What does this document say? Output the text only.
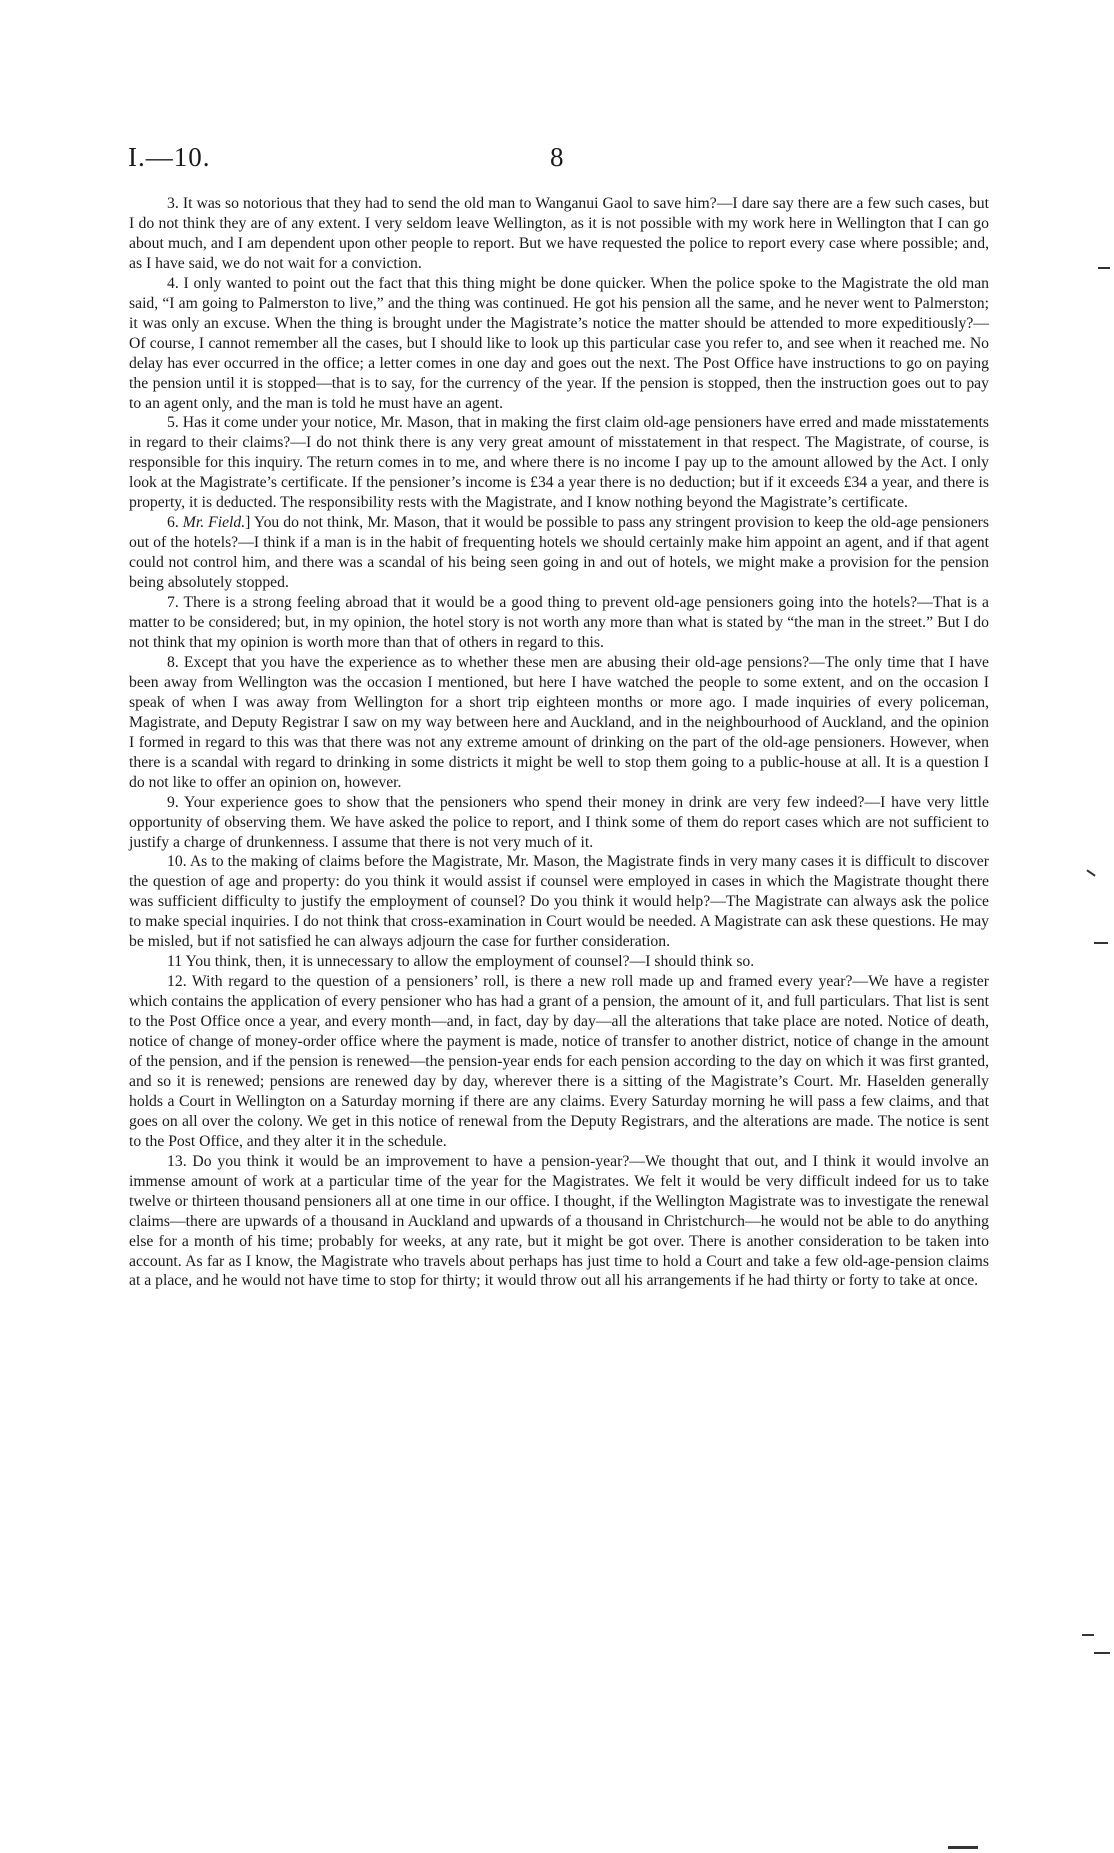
I.—10.	8

3. It was so notorious that they had to send the old man to Wanganui Gaol to save him?—I dare say there are a few such cases, but I do not think they are of any extent. I very seldom leave Wellington, as it is not possible with my work here in Wellington that I can go about much, and I am dependent upon other people to report. But we have requested the police to report every case where possible; and, as I have said, we do not wait for a conviction.

4. I only wanted to point out the fact that this thing might be done quicker. When the police spoke to the Magistrate the old man said, “I am going to Palmerston to live,” and the thing was continued. He got his pension all the same, and he never went to Palmerston; it was only an excuse. When the thing is brought under the Magistrate’s notice the matter should be attended to more expeditiously?—Of course, I cannot remember all the cases, but I should like to look up this particular case you refer to, and see when it reached me. No delay has ever occurred in the office; a letter comes in one day and goes out the next. The Post Office have instructions to go on paying the pension until it is stopped—that is to say, for the currency of the year. If the pension is stopped, then the instruction goes out to pay to an agent only, and the man is told he must have an agent.

5. Has it come under your notice, Mr. Mason, that in making the first claim old-age pensioners have erred and made misstatements in regard to their claims?—I do not think there is any very great amount of misstatement in that respect. The Magistrate, of course, is responsible for this inquiry. The return comes in to me, and where there is no income I pay up to the amount allowed by the Act. I only look at the Magistrate’s certificate. If the pensioner’s income is £34 a year there is no deduction; but if it exceeds £34 a year, and there is property, it is deducted. The responsibility rests with the Magistrate, and I know nothing beyond the Magistrate’s certificate.

6. Mr. Field.] You do not think, Mr. Mason, that it would be possible to pass any stringent provision to keep the old-age pensioners out of the hotels?—I think if a man is in the habit of frequenting hotels we should certainly make him appoint an agent, and if that agent could not control him, and there was a scandal of his being seen going in and out of hotels, we might make a provision for the pension being absolutely stopped.

7. There is a strong feeling abroad that it would be a good thing to prevent old-age pensioners going into the hotels?—That is a matter to be considered; but, in my opinion, the hotel story is not worth any more than what is stated by “the man in the street.” But I do not think that my opinion is worth more than that of others in regard to this.

8. Except that you have the experience as to whether these men are abusing their old-age pensions?—The only time that I have been away from Wellington was the occasion I mentioned, but here I have watched the people to some extent, and on the occasion I speak of when I was away from Wellington for a short trip eighteen months or more ago. I made inquiries of every policeman, Magistrate, and Deputy Registrar I saw on my way between here and Auckland, and in the neighbourhood of Auckland, and the opinion I formed in regard to this was that there was not any extreme amount of drinking on the part of the old-age pensioners. However, when there is a scandal with regard to drinking in some districts it might be well to stop them going to a public-house at all. It is a question I do not like to offer an opinion on, however.

9. Your experience goes to show that the pensioners who spend their money in drink are very few indeed?—I have very little opportunity of observing them. We have asked the police to report, and I think some of them do report cases which are not sufficient to justify a charge of drunkenness. I assume that there is not very much of it.

10. As to the making of claims before the Magistrate, Mr. Mason, the Magistrate finds in very many cases it is difficult to discover the question of age and property: do you think it would assist if counsel were employed in cases in which the Magistrate thought there was sufficient difficulty to justify the employment of counsel? Do you think it would help?—The Magistrate can always ask the police to make special inquiries. I do not think that cross-examination in Court would be needed. A Magistrate can ask these questions. He may be misled, but if not satisfied he can always adjourn the case for further consideration.

11 You think, then, it is unnecessary to allow the employment of counsel?—I should think so.

12. With regard to the question of a pensioners’ roll, is there a new roll made up and framed every year?—We have a register which contains the application of every pensioner who has had a grant of a pension, the amount of it, and full particulars. That list is sent to the Post Office once a year, and every month—and, in fact, day by day—all the alterations that take place are noted. Notice of death, notice of change of money-order office where the payment is made, notice of transfer to another district, notice of change in the amount of the pension, and if the pension is renewed—the pension-year ends for each pension according to the day on which it was first granted, and so it is renewed; pensions are renewed day by day, wherever there is a sitting of the Magistrate’s Court. Mr. Haselden generally holds a Court in Wellington on a Saturday morning if there are any claims. Every Saturday morning he will pass a few claims, and that goes on all over the colony. We get in this notice of renewal from the Deputy Registrars, and the alterations are made. The notice is sent to the Post Office, and they alter it in the schedule.

13. Do you think it would be an improvement to have a pension-year?—We thought that out, and I think it would involve an immense amount of work at a particular time of the year for the Magistrates. We felt it would be very difficult indeed for us to take twelve or thirteen thousand pensioners all at one time in our office. I thought, if the Wellington Magistrate was to investigate the renewal claims—there are upwards of a thousand in Auckland and upwards of a thousand in Christchurch—he would not be able to do anything else for a month of his time; probably for weeks, at any rate, but it might be got over. There is another consideration to be taken into account. As far as I know, the Magistrate who travels about perhaps has just time to hold a Court and take a few old-age-pension claims at a place, and he would not have time to stop for thirty; it would throw out all his arrangements if he had thirty or forty to take at once.
